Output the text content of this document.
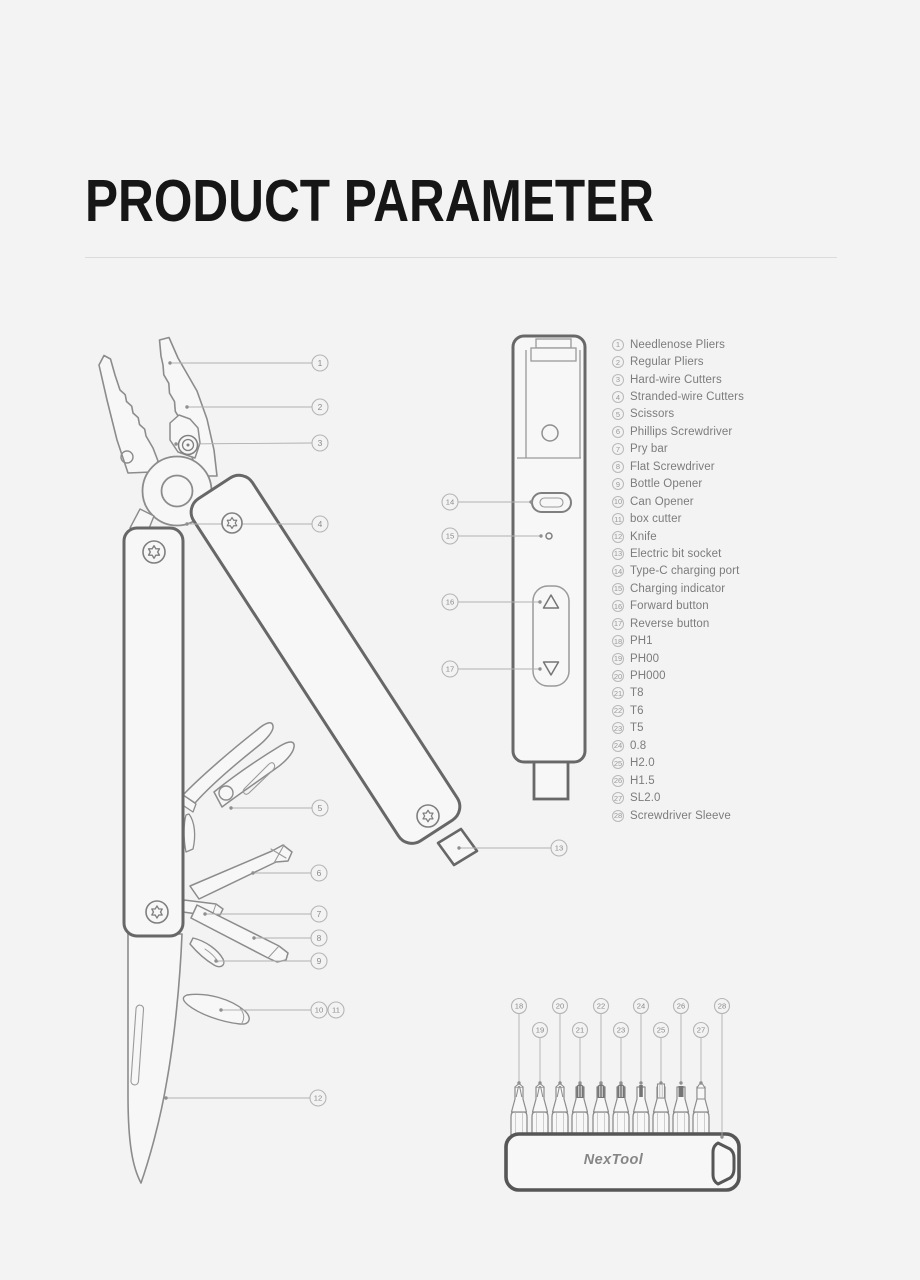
PRODUCT PARAMETER
1
2
3
4
5
6
7
8
9
10 11
12
13
14
15
16
17
18
19
20
21
22
23
24
25
26
27
28
1 Needlenose Pliers
2 Regular Pliers
3 Hard-wire Cutters
4 Stranded-wire Cutters
5 Scissors
6 Phillips Screwdriver
7 Pry bar
8 Flat Screwdriver
9 Bottle Opener
10 Can Opener
11 box cutter
12 Knife
13 Electric bit socket
14 Type-C charging port
15 Charging indicator
16 Forward button
17 Reverse button
18 PH1
19 PH00
20 PH000
21 T8
22 T6
23 T5
24 0.8
25 H2.0
26 H1.5
27 SL2.0
28 Screwdriver Sleeve
NexTool
